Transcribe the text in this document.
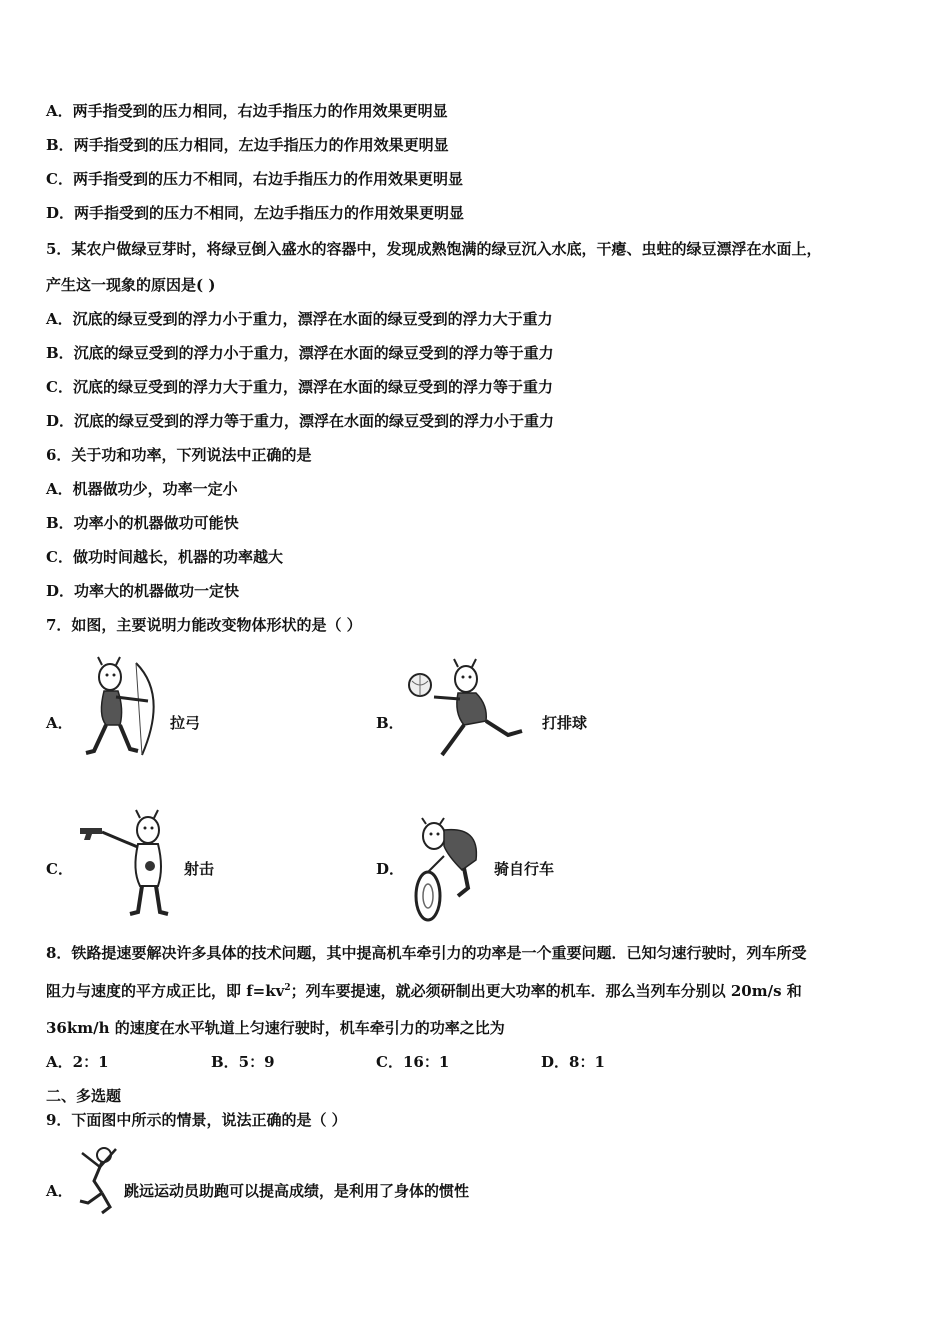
A．两手指受到的压力相同，右边手指压力的作用效果更明显
B．两手指受到的压力相同，左边手指压力的作用效果更明显
C．两手指受到的压力不相同，右边手指压力的作用效果更明显
D．两手指受到的压力不相同，左边手指压力的作用效果更明显
5．某农户做绿豆芽时，将绿豆倒入盛水的容器中，发现成熟饱满的绿豆沉入水底，干瘪、虫蛀的绿豆漂浮在水面上，
产生这一现象的原因是( )
A．沉底的绿豆受到的浮力小于重力，漂浮在水面的绿豆受到的浮力大于重力
B．沉底的绿豆受到的浮力小于重力，漂浮在水面的绿豆受到的浮力等于重力
C．沉底的绿豆受到的浮力大于重力，漂浮在水面的绿豆受到的浮力等于重力
D．沉底的绿豆受到的浮力等于重力，漂浮在水面的绿豆受到的浮力小于重力
6．关于功和功率，下列说法中正确的是
A．机器做功少，功率一定小
B．功率小的机器做功可能快
C．做功时间越长，机器的功率越大
D．功率大的机器做功一定快
7．如图，主要说明力能改变物体形状的是（ ）
A．	拉弓	B．	打排球
C．	射击	D．	骑自行车
8．铁路提速要解决许多具体的技术问题，其中提高机车牵引力的功率是一个重要问题．已知匀速行驶时，列车所受
阻力与速度的平方成正比，即 $f=kv^2$；列车要提速，就必须研制出更大功率的机车．那么当列车分别以 20m/s 和
36km/h 的速度在水平轨道上匀速行驶时，机车牵引力的功率之比为
A．2：1	B．5：9	C．16：1	D．8：1
二、多选题
9．下面图中所示的情景，说法正确的是（ ）
A．	跳远运动员助跑可以提高成绩，是利用了身体的惯性
